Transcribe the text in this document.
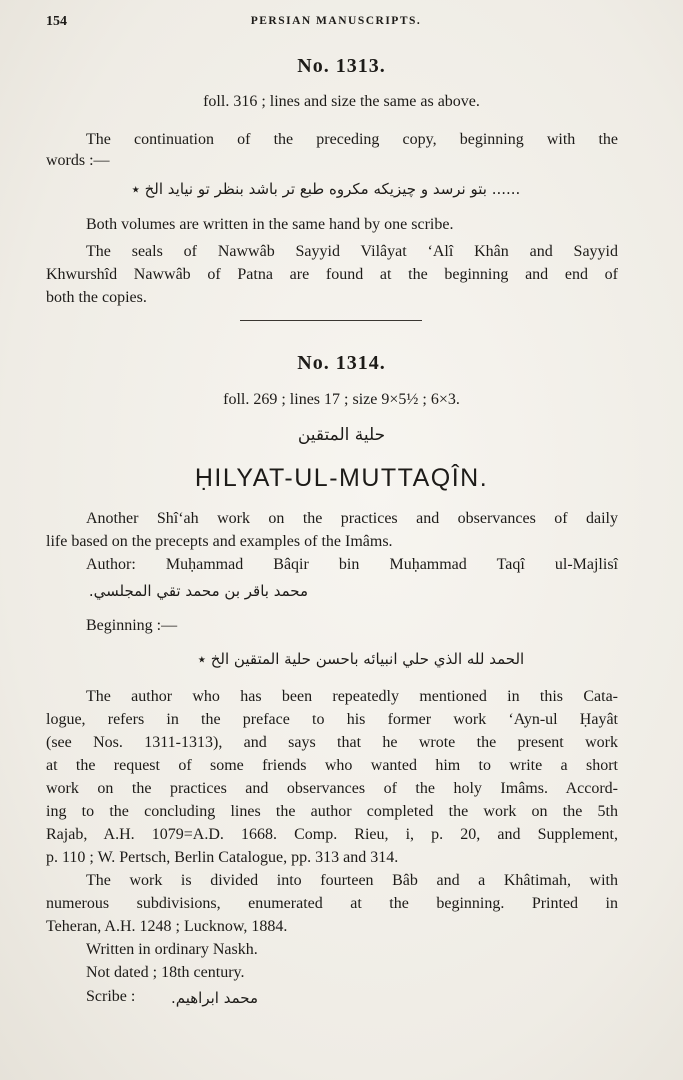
154	PERSIAN MANUSCRIPTS.
No. 1313.
foll. 316 ; lines and size the same as above.
The continuation of the preceding copy, beginning with the
words :—
...... بتو نرسد و چیزیکه مکروه طبع تر باشد بنظر تو نیاید الخ ٭
Both volumes are written in the same hand by one scribe.
The seals of Nawwâb Sayyid Vilâyat ‘Alî Khân and Sayyid
Khwurshîd Nawwâb of Patna are found at the beginning and end of
both the copies.
No. 1314.
foll. 269 ; lines 17 ; size 9×5½ ; 6×3.
حلیة المتقین
ḤILYAT-UL-MUTTAQÎN.
Another Shî‘ah work on the practices and observances of daily
life based on the precepts and examples of the Imâms.
Author: Muḥammad Bâqir bin Muḥammad Taqî ul-Majlisî
محمد باقر بن محمد تقي المجلسي.
Beginning :—
الحمد لله الذي حلي انبيائه باحسن حلية المتقين الخ ٭
The author who has been repeatedly mentioned in this Cata-
logue, refers in the preface to his former work ‘Ayn-ul Ḥayât
(see Nos. 1311-1313), and says that he wrote the present work
at the request of some friends who wanted him to write a short
work on the practices and observances of the holy Imâms. Accord-
ing to the concluding lines the author completed the work on the 5th
Rajab, A.H. 1079=A.D. 1668. Comp. Rieu, i, p. 20, and Supplement,
p. 110 ; W. Pertsch, Berlin Catalogue, pp. 313 and 314.
The work is divided into fourteen Bâb and a Khâtimah, with
numerous subdivisions, enumerated at the beginning. Printed in
Teheran, A.H. 1248 ; Lucknow, 1884.
Written in ordinary Naskh.
Not dated ; 18th century.
Scribe :	محمد ابراهیم.
